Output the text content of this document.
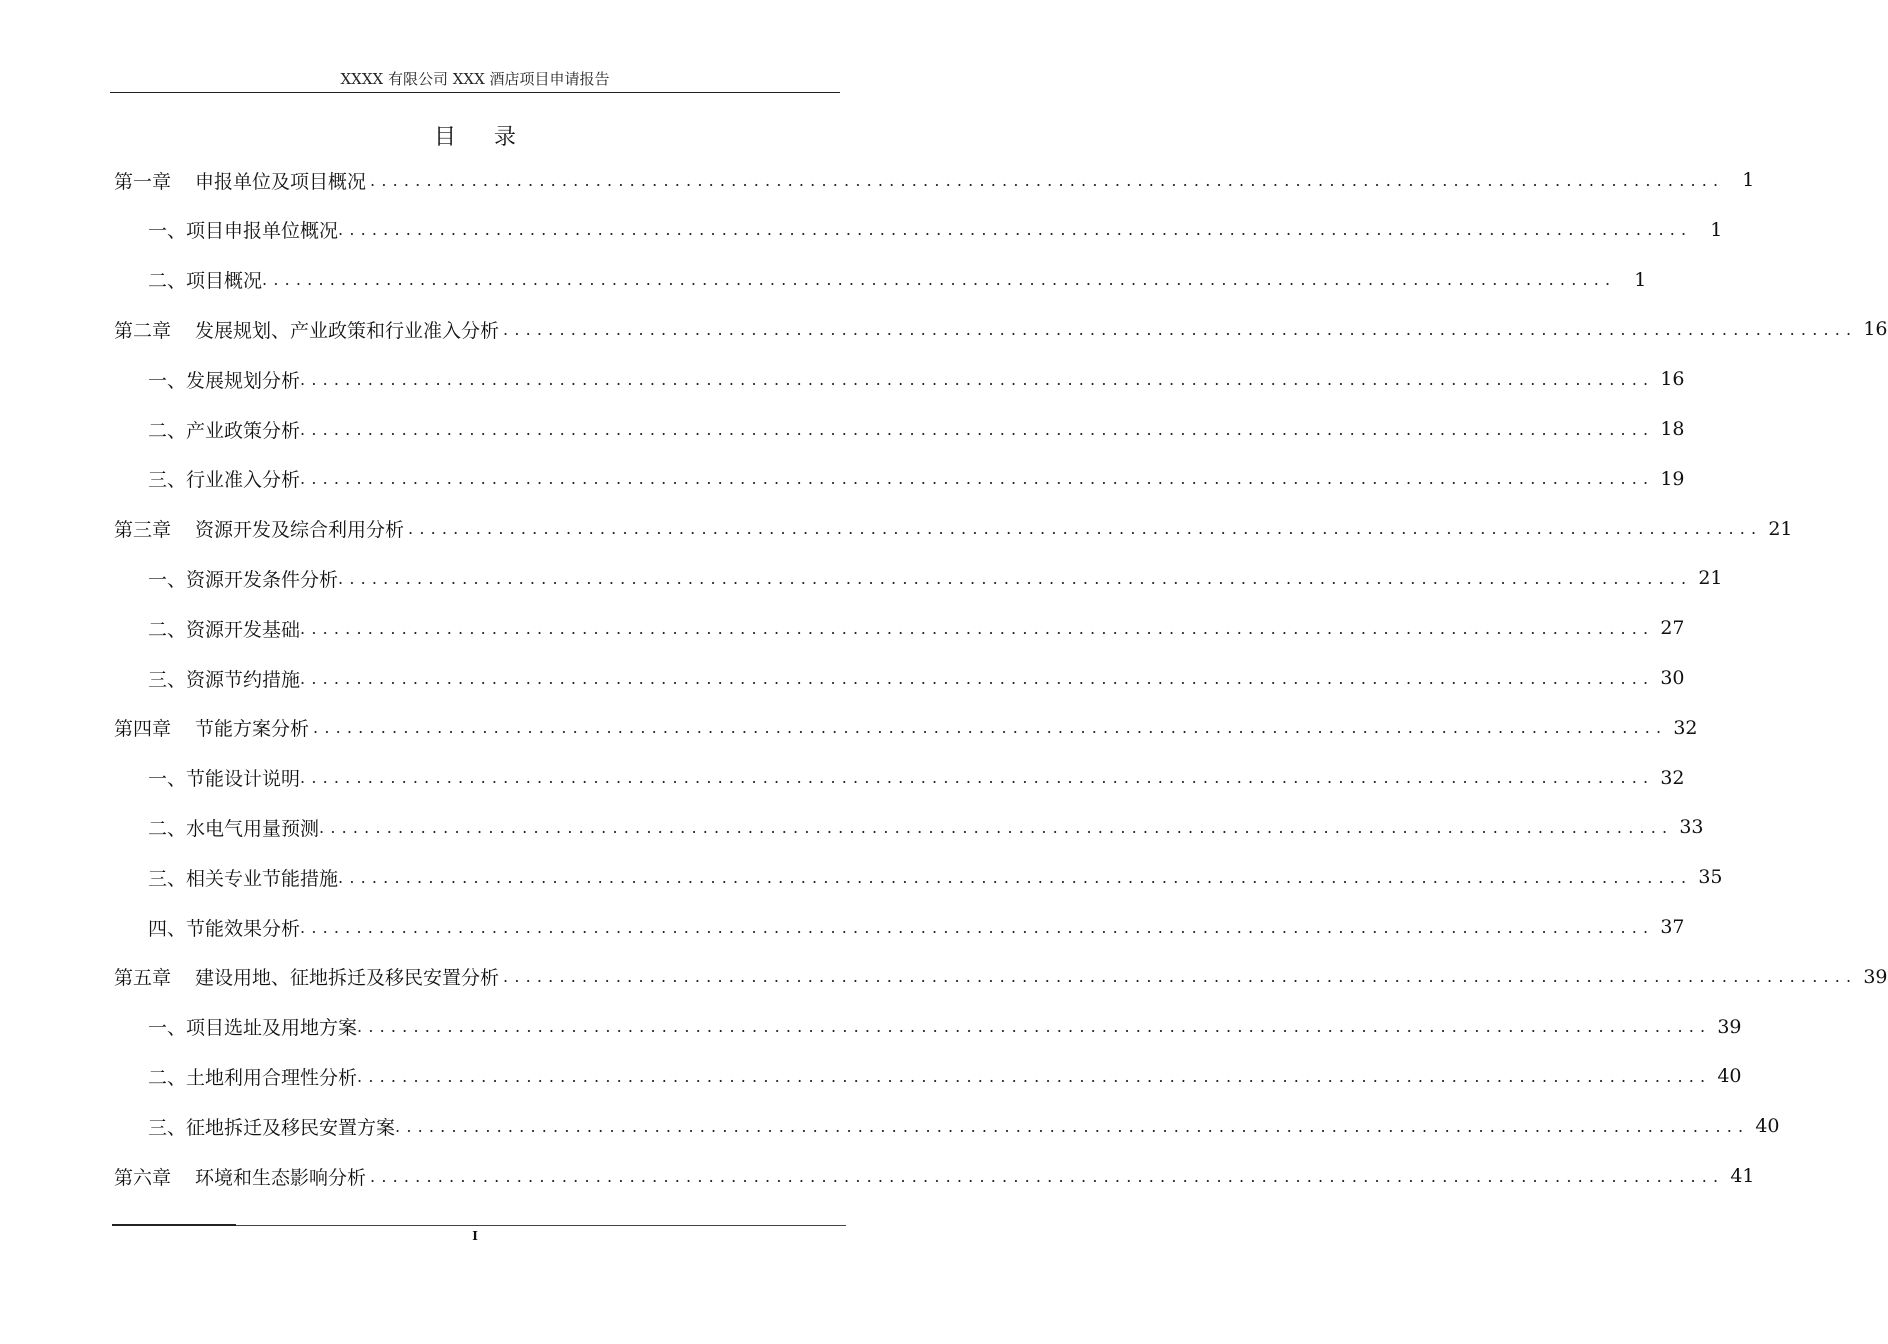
XXXX 有限公司 XXX 酒店项目申请报告
目录
第一章 申报单位及项目概况 ........................................................................................................................ 1
一、 项目申报单位概况 ........................................................................................................................ 1
二、 项目概况 ........................................................................................................................ 1
第二章 发展规划、产业政策和行业准入分析 ........................................................................................................................ 16
一、 发展规划分析 ........................................................................................................................ 16
二、 产业政策分析 ........................................................................................................................ 18
三、 行业准入分析 ........................................................................................................................ 19
第三章 资源开发及综合利用分析 ........................................................................................................................ 21
一、 资源开发条件分析 ........................................................................................................................ 21
二、 资源开发基础 ........................................................................................................................ 27
三、 资源节约措施 ........................................................................................................................ 30
第四章 节能方案分析 ........................................................................................................................ 32
一、 节能设计说明 ........................................................................................................................ 32
二、 水电气用量预测 ........................................................................................................................ 33
三、 相关专业节能措施 ........................................................................................................................ 35
四、 节能效果分析 ........................................................................................................................ 37
第五章 建设用地、征地拆迁及移民安置分析 ........................................................................................................................ 39
一、 项目选址及用地方案 ........................................................................................................................ 39
二、 土地利用合理性分析 ........................................................................................................................ 40
三、 征地拆迁及移民安置方案 ........................................................................................................................ 40
第六章 环境和生态影响分析 ........................................................................................................................ 41
I
